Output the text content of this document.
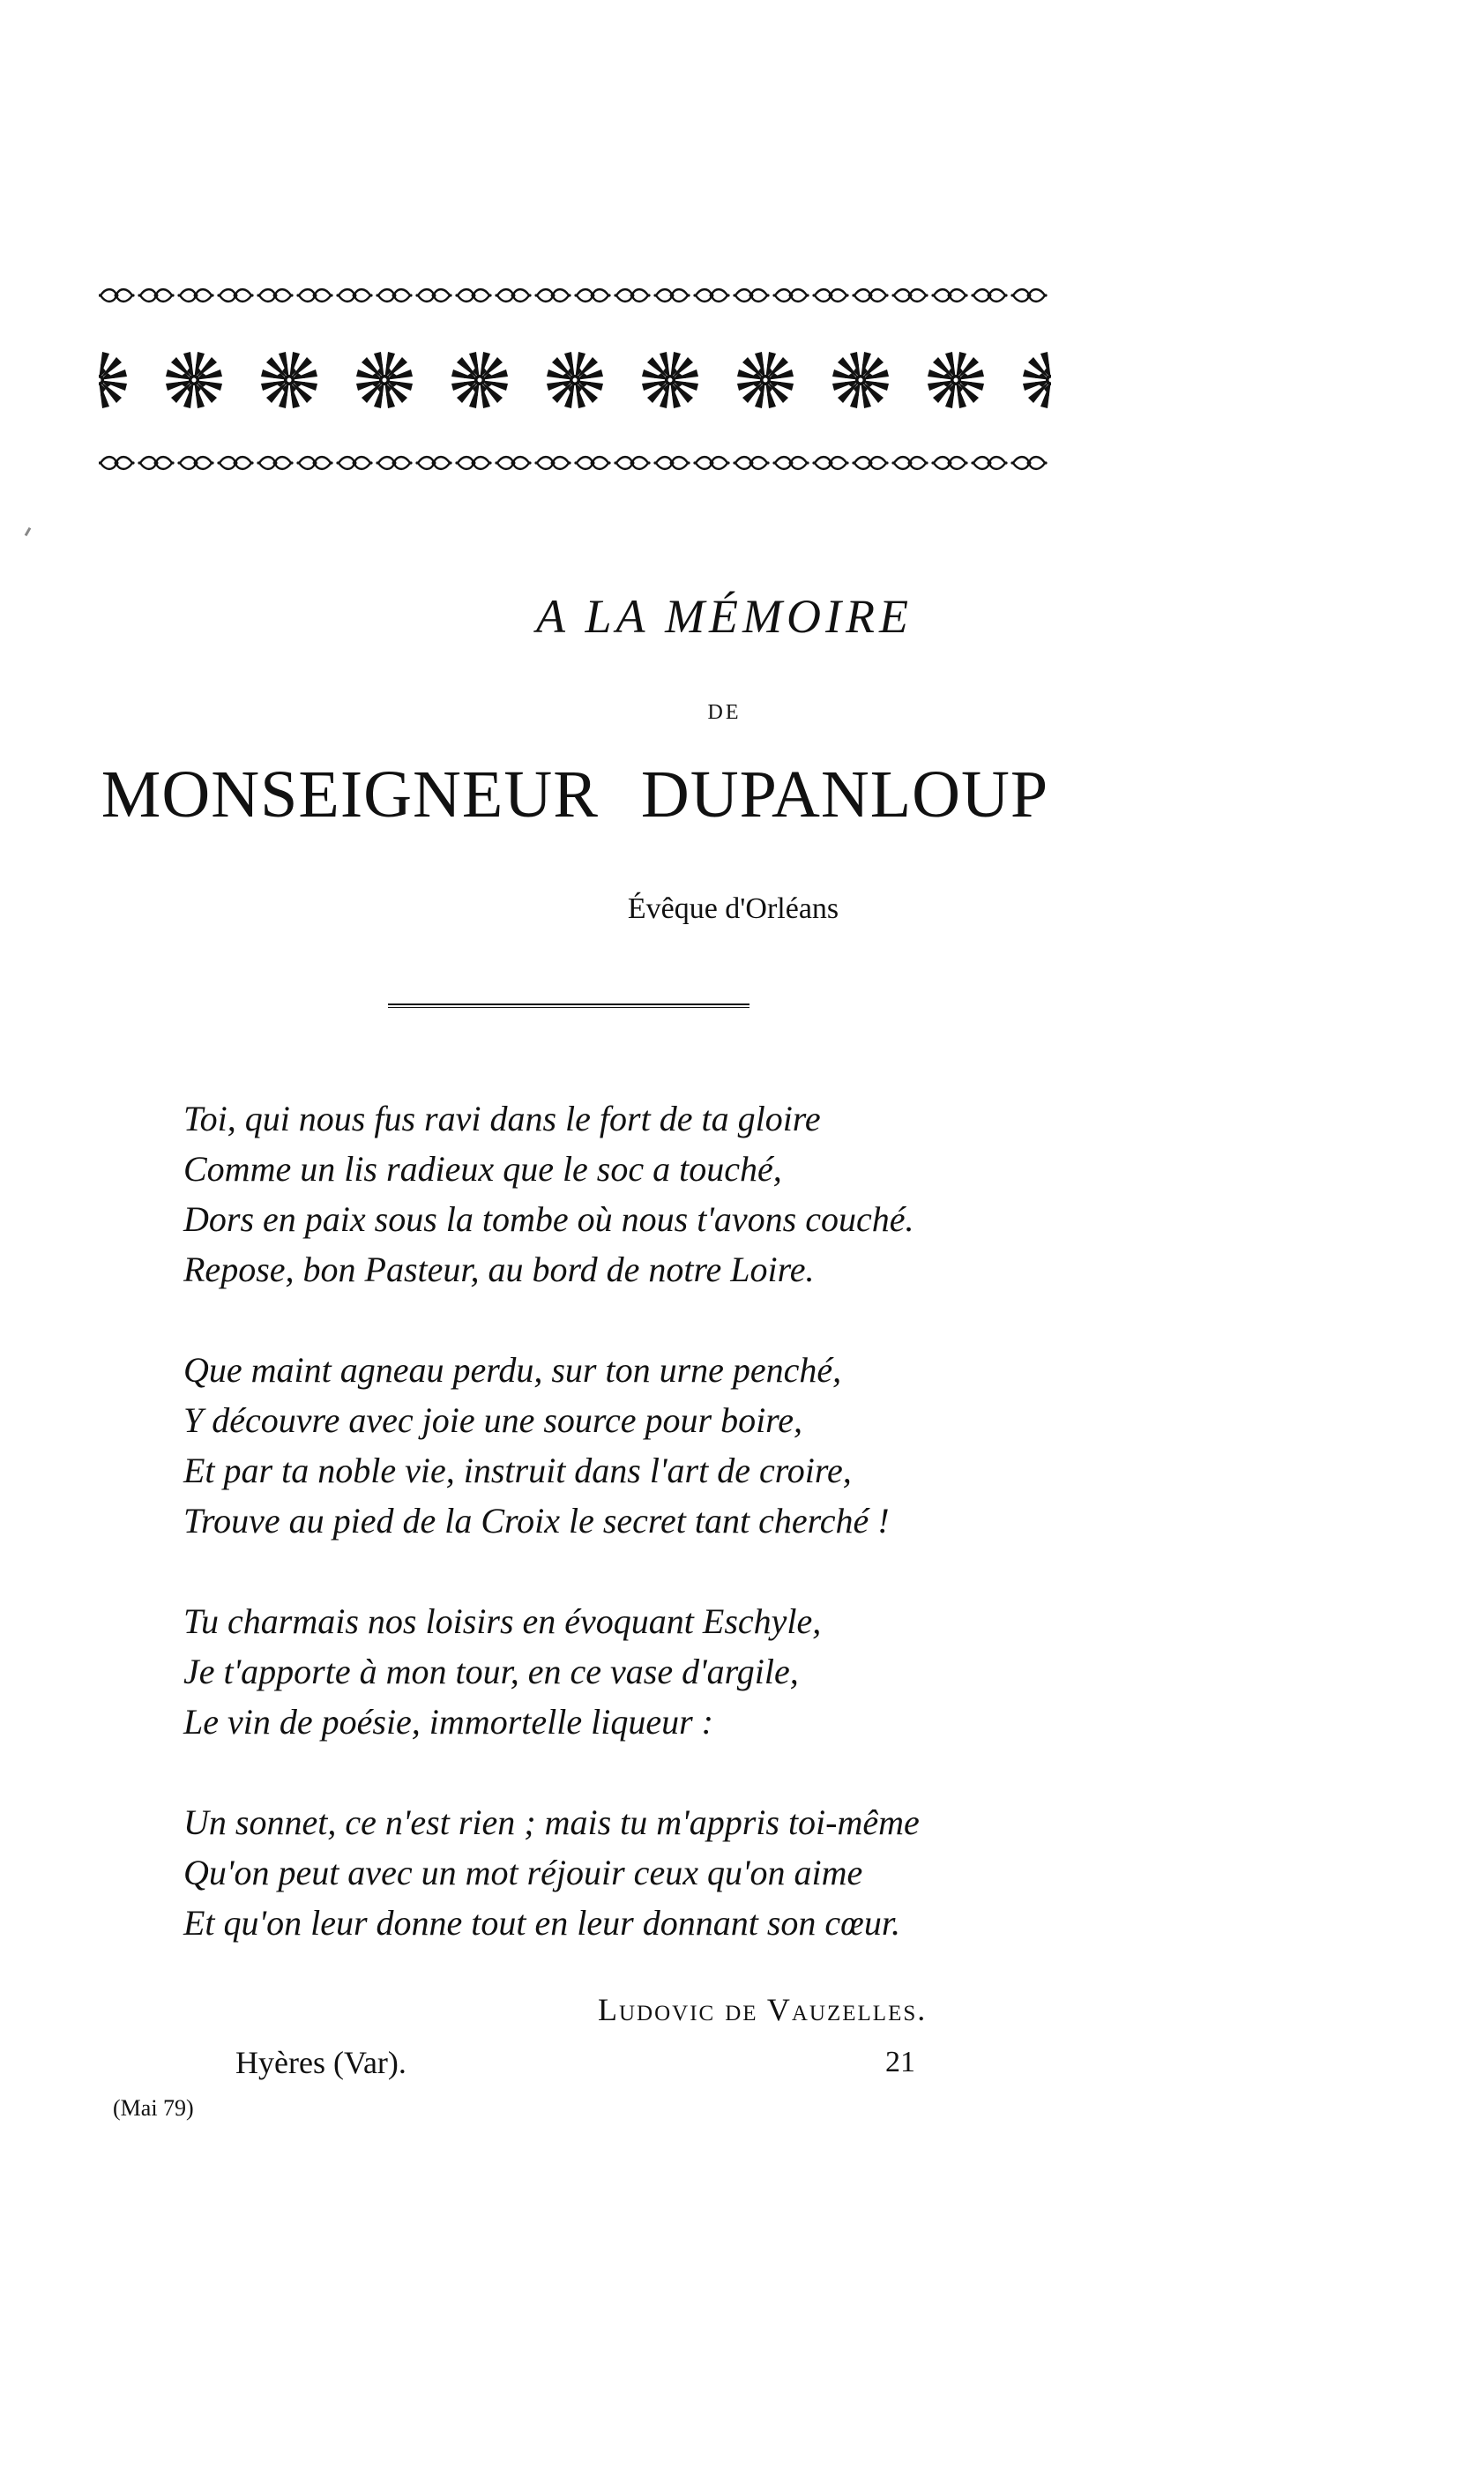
A LA MÉMOIRE
DE
MONSEIGNEUR DUPANLOUP
Évêque d'Orléans
Toi, qui nous fus ravi dans le fort de ta gloire
Comme un lis radieux que le soc a touché,
Dors en paix sous la tombe où nous t'avons couché.
Repose, bon Pasteur, au bord de notre Loire.
Que maint agneau perdu, sur ton urne penché,
Y découvre avec joie une source pour boire,
Et par ta noble vie, instruit dans l'art de croire,
Trouve au pied de la Croix le secret tant cherché !
Tu charmais nos loisirs en évoquant Eschyle,
Je t'apporte à mon tour, en ce vase d'argile,
Le vin de poésie, immortelle liqueur :
Un sonnet, ce n'est rien ; mais tu m'appris toi-même
Qu'on peut avec un mot réjouir ceux qu'on aime
Et qu'on leur donne tout en leur donnant son cœur.
Ludovic de Vauzelles.
Hyères (Var).	21
(Mai 79)
